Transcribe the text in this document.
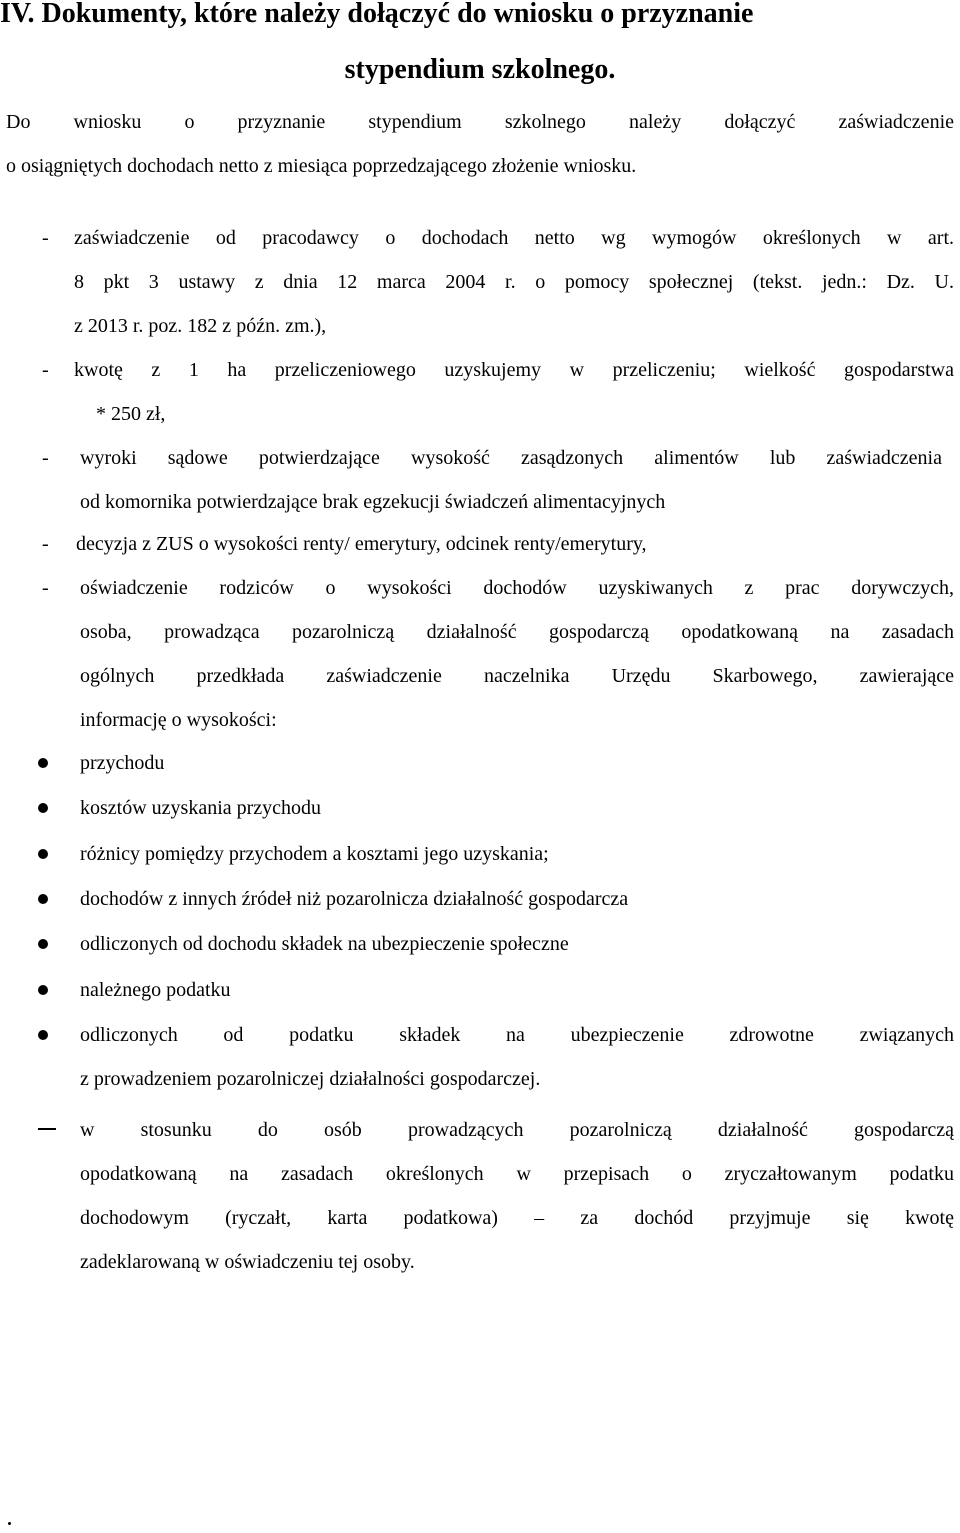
IV. Dokumenty, które należy dołączyć do wniosku o przyznanie
stypendium szkolnego.
Do wniosku o przyznanie stypendium szkolnego należy dołączyć zaświadczenie
o osiągniętych dochodach netto z miesiąca poprzedzającego złożenie wniosku.
- zaświadczenie od pracodawcy o dochodach netto wg wymogów określonych w art.
8 pkt 3 ustawy z dnia 12 marca 2004 r. o pomocy społecznej (tekst. jedn.: Dz. U.
z 2013 r. poz. 182 z późn. zm.),
- kwotę z 1 ha przeliczeniowego uzyskujemy w przeliczeniu; wielkość gospodarstwa
* 250 zł,
- wyroki sądowe potwierdzające wysokość zasądzonych alimentów lub zaświadczenia
od komornika potwierdzające brak egzekucji świadczeń alimentacyjnych
- decyzja z ZUS o wysokości renty/ emerytury, odcinek renty/emerytury,
- oświadczenie rodziców o wysokości dochodów uzyskiwanych z prac dorywczych,
osoba, prowadząca pozarolniczą działalność gospodarczą opodatkowaną na zasadach
ogólnych przedkłada zaświadczenie naczelnika Urzędu Skarbowego, zawierające
informację o wysokości:
przychodu
kosztów uzyskania przychodu
różnicy pomiędzy przychodem a kosztami jego uzyskania;
dochodów z innych źródeł niż pozarolnicza działalność gospodarcza
odliczonych od dochodu składek na ubezpieczenie społeczne
należnego podatku
odliczonych od podatku składek na ubezpieczenie zdrowotne związanych
z prowadzeniem pozarolniczej działalności gospodarczej.
w stosunku do osób prowadzących pozarolniczą działalność gospodarczą
opodatkowaną na zasadach określonych w przepisach o zryczałtowanym podatku
dochodowym (ryczałt, karta podatkowa) – za dochód przyjmuje się kwotę
zadeklarowaną w oświadczeniu tej osoby.
